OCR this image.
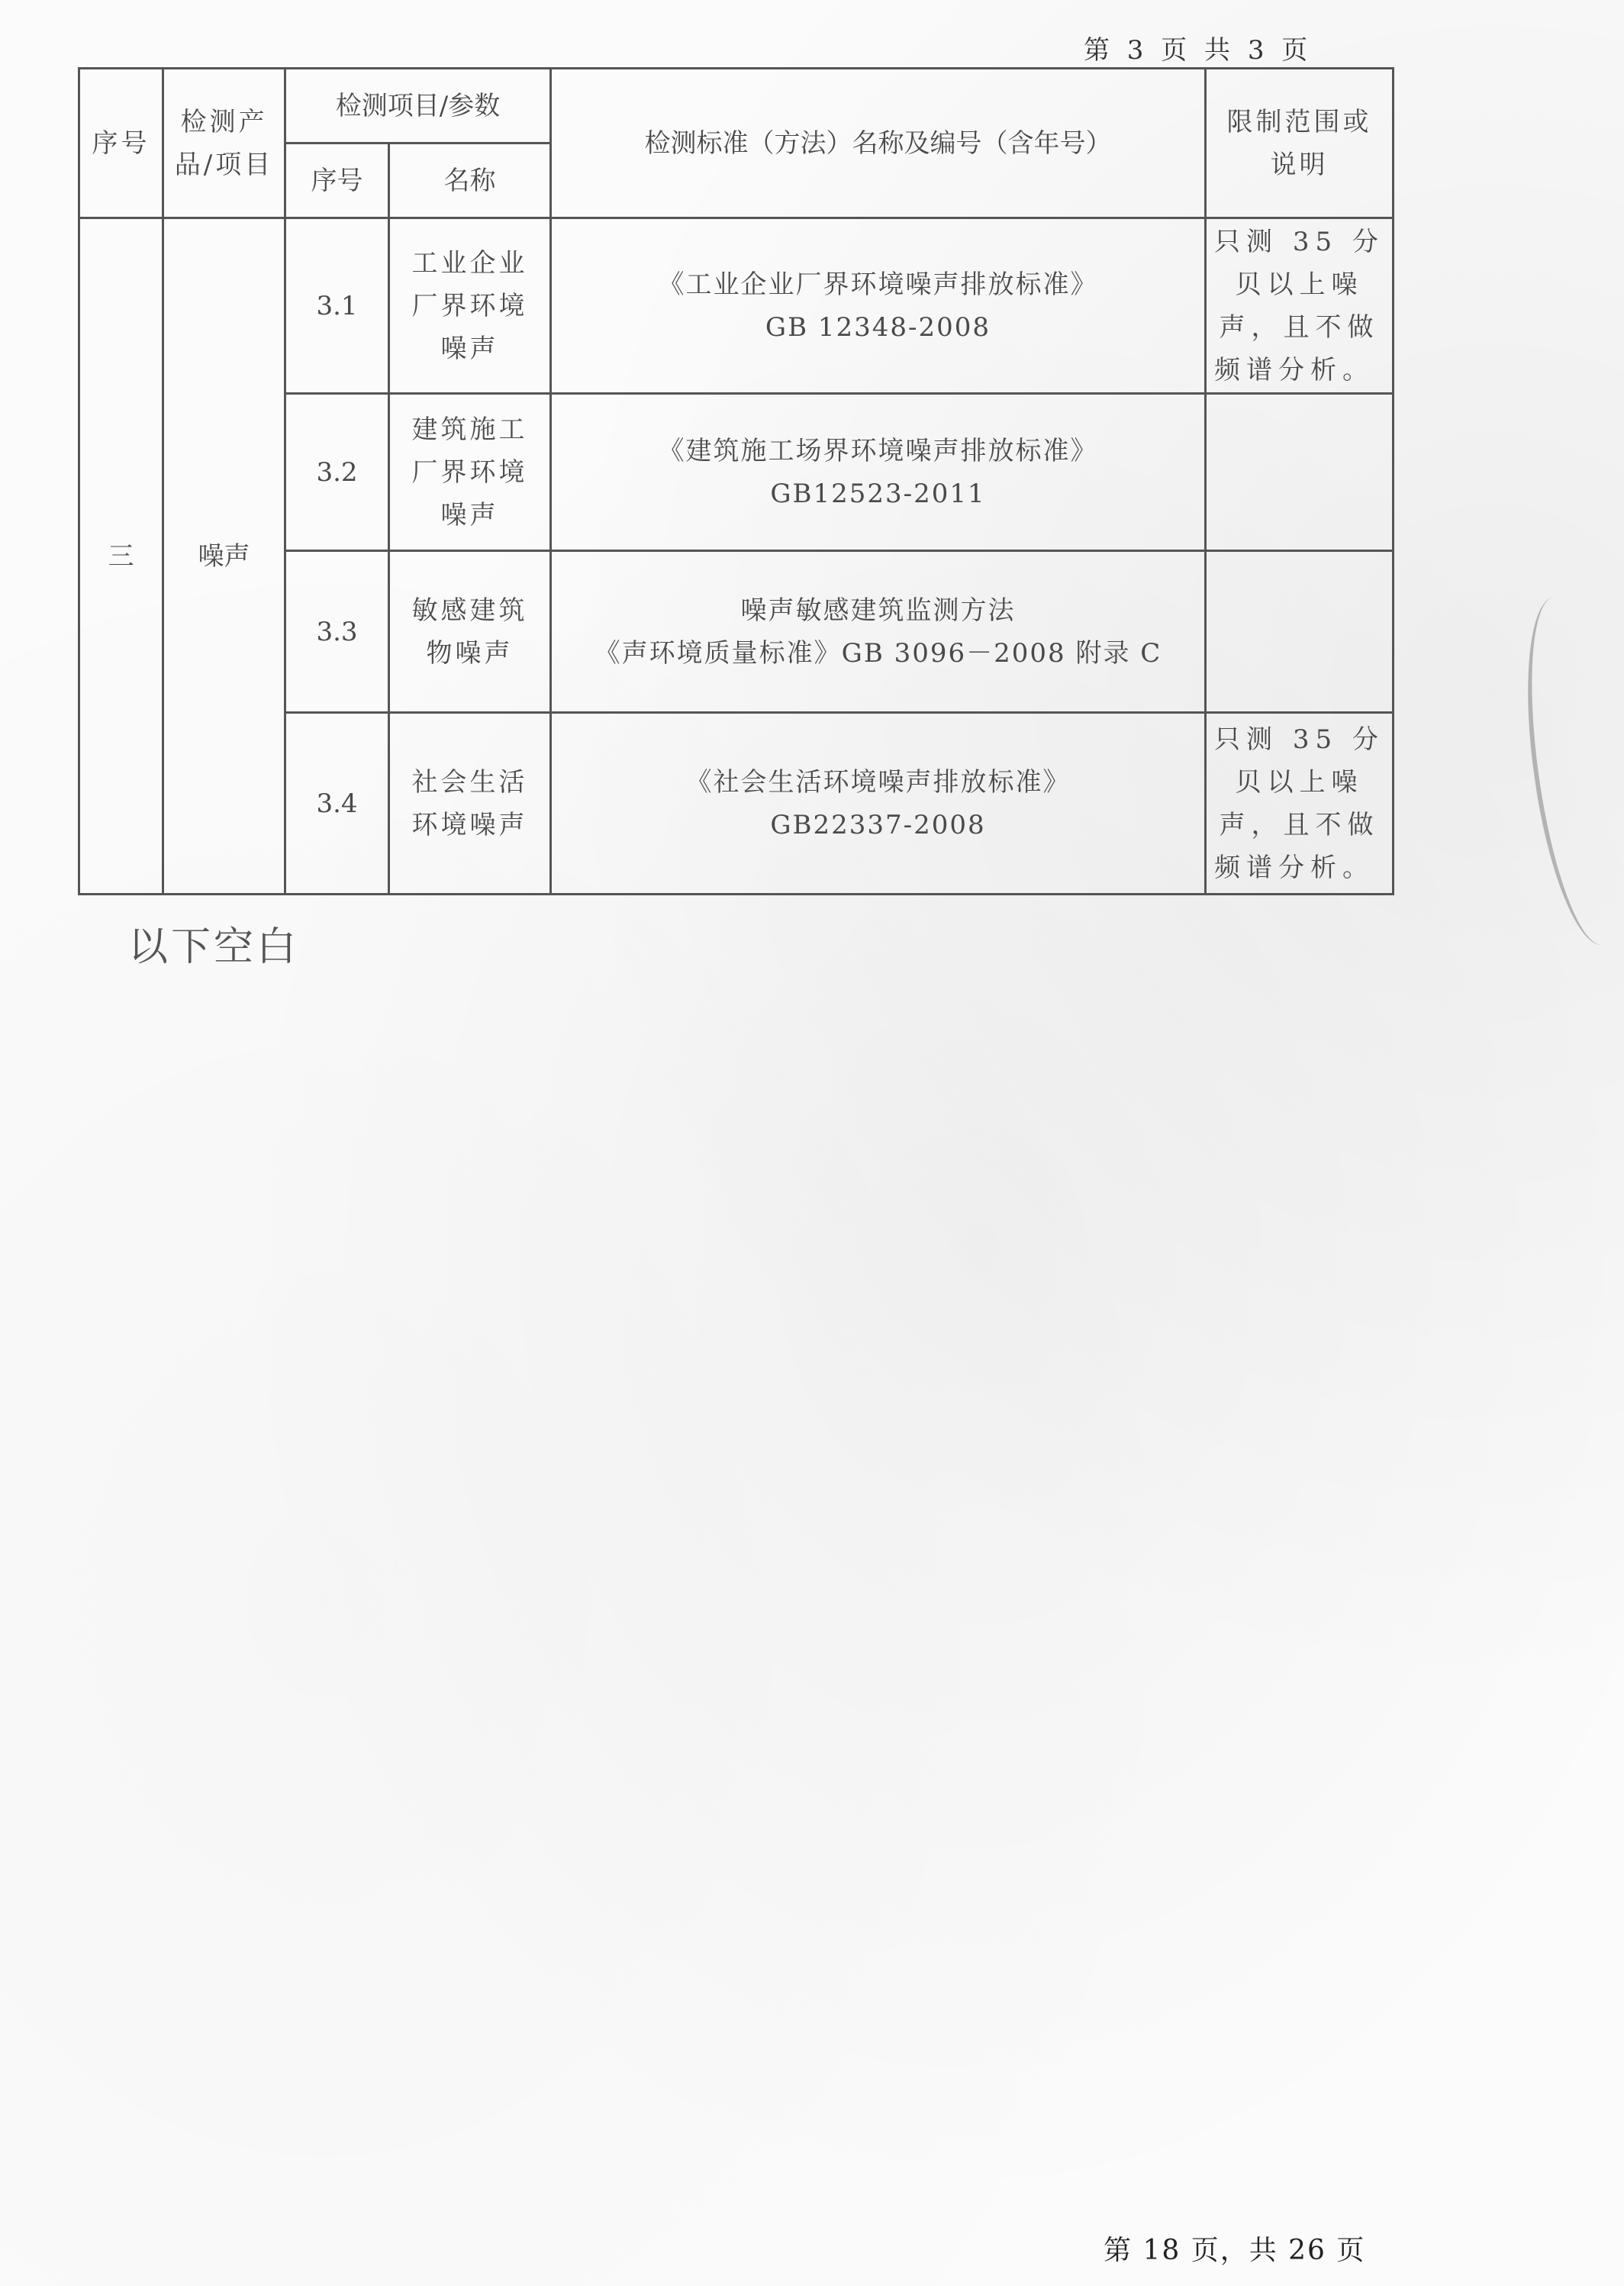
第 3 页 共 3 页
序号	检测产品/项目	检测项目/参数		检测标准（方法）名称及编号（含年号）	限制范围或说明
		序号	名称		
三	噪声	3.1	工业企业厂界环境噪声	《工业企业厂界环境噪声排放标准》
GB 12348-2008	只测 35 分贝以上噪声，且不做频谱分析。
		3.2	建筑施工厂界环境噪声	《建筑施工场界环境噪声排放标准》
GB12523-2011	

		3.3	敏感建筑物噪声	噪声敏感建筑监测方法
《声环境质量标准》GB 3096－2008 附录 C	

		3.4	社会生活环境噪声	《社会生活环境噪声排放标准》
GB22337-2008	只测 35 分贝以上噪声，且不做频谱分析。
以下空白
第 18 页，共 26 页
